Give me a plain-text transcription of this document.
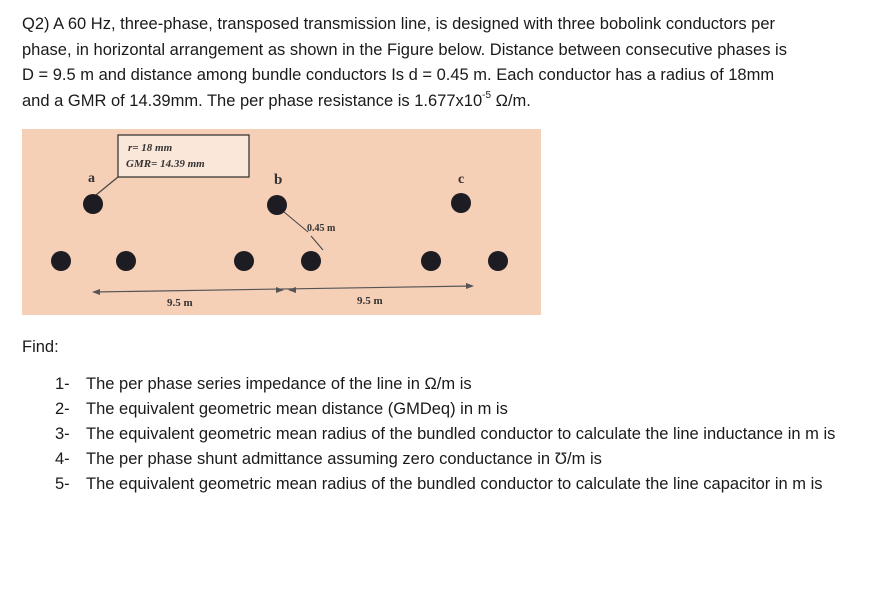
Q2) A 60 Hz, three-phase, transposed transmission line, is designed with three bobolink conductors per

phase, in horizontal arrangement as shown in the Figure below. Distance between consecutive phases is

D = 9.5 m and distance among bundle conductors Is d = 0.45 m. Each conductor has a radius of 18mm

and a GMR of 14.39mm. The per phase resistance is $1.677x10^{-5}$ Ω/m.

r= 18 mm
GMR= 14.39 mm
a	b	c
0.45 m
9.5 m	9.5 m
Find:
1- The per phase series impedance of the line in Ω/m is
2- The equivalent geometric mean distance (GMDeq) in m is
3- The equivalent geometric mean radius of the bundled conductor to calculate the line inductance in m is
4- The per phase shunt admittance assuming zero conductance in Ʊ/m is
5- The equivalent geometric mean radius of the bundled conductor to calculate the line capacitor in m is
